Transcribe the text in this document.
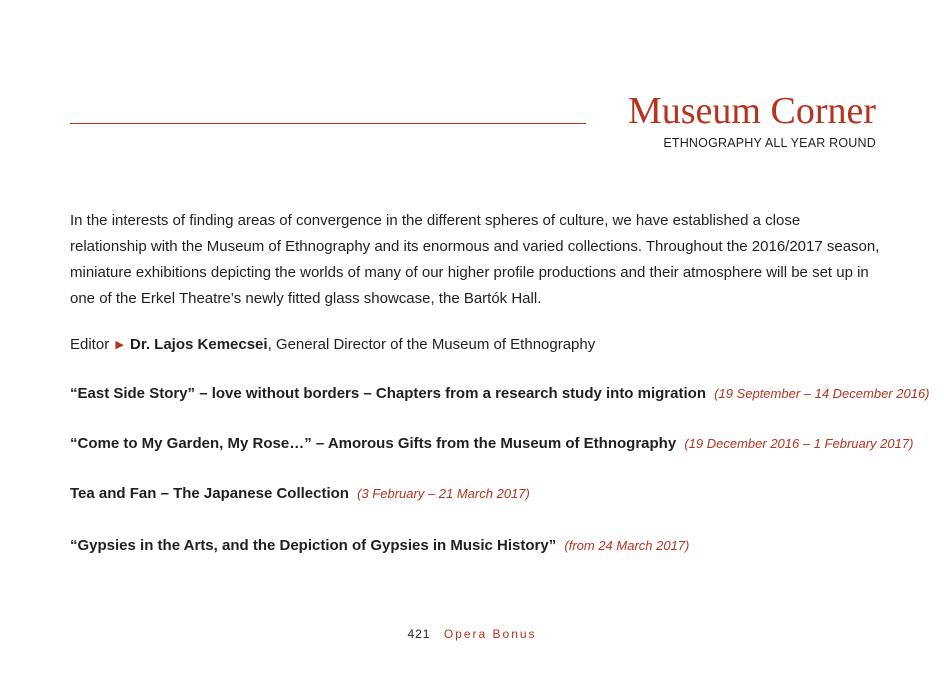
Museum Corner
ETHNOGRAPHY ALL YEAR ROUND

In the interests of finding areas of convergence in the different spheres of culture, we have established a close relationship with the Museum of Ethnography and its enormous and varied collections. Throughout the 2016/2017 season, miniature exhibitions depicting the worlds of many of our higher profile productions and their atmosphere will be set up in one of the Erkel Theatre’s newly fitted glass showcase, the Bartók Hall.

Editor ▶ Dr. Lajos Kemecsei, General Director of the Museum of Ethnography
“East Side Story” – love without borders – Chapters from a research study into migration (19 September – 14 December 2016)
“Come to My Garden, My Rose…” – Amorous Gifts from the Museum of Ethnography (19 December 2016 – 1 February 2017)
Tea and Fan – The Japanese Collection (3 February – 21 March 2017)
“Gypsies in the Arts, and the Depiction of Gypsies in Music History” (from 24 March 2017)
421 Opera Bonus
